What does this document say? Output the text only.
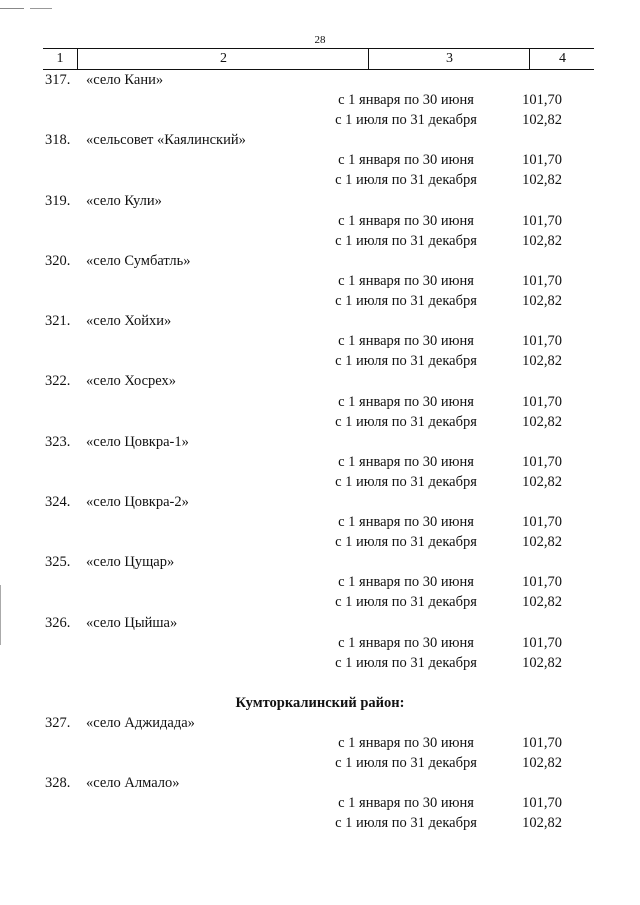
28
1	2	3	4
317. «село Кани»
с 1 января по 30 июня	101,70
с 1 июля по 31 декабря	102,82
318. «сельсовет «Каялинский»
с 1 января по 30 июня	101,70
с 1 июля по 31 декабря	102,82
319. «село Кули»
с 1 января по 30 июня	101,70
с 1 июля по 31 декабря	102,82
320. «село Сумбатль»
с 1 января по 30 июня	101,70
с 1 июля по 31 декабря	102,82
321. «село Хойхи»
с 1 января по 30 июня	101,70
с 1 июля по 31 декабря	102,82
322. «село Хосрех»
с 1 января по 30 июня	101,70
с 1 июля по 31 декабря	102,82
323. «село Цовкра-1»
с 1 января по 30 июня	101,70
с 1 июля по 31 декабря	102,82
324. «село Цовкра-2»
с 1 января по 30 июня	101,70
с 1 июля по 31 декабря	102,82
325. «село Цущар»
с 1 января по 30 июня	101,70
с 1 июля по 31 декабря	102,82
326. «село Цыйша»
с 1 января по 30 июня	101,70
с 1 июля по 31 декабря	102,82
Кумторкалинский район:
327. «село Аджидада»
с 1 января по 30 июня	101,70
с 1 июля по 31 декабря	102,82
328. «село Алмало»
с 1 января по 30 июня	101,70
с 1 июля по 31 декабря	102,82
